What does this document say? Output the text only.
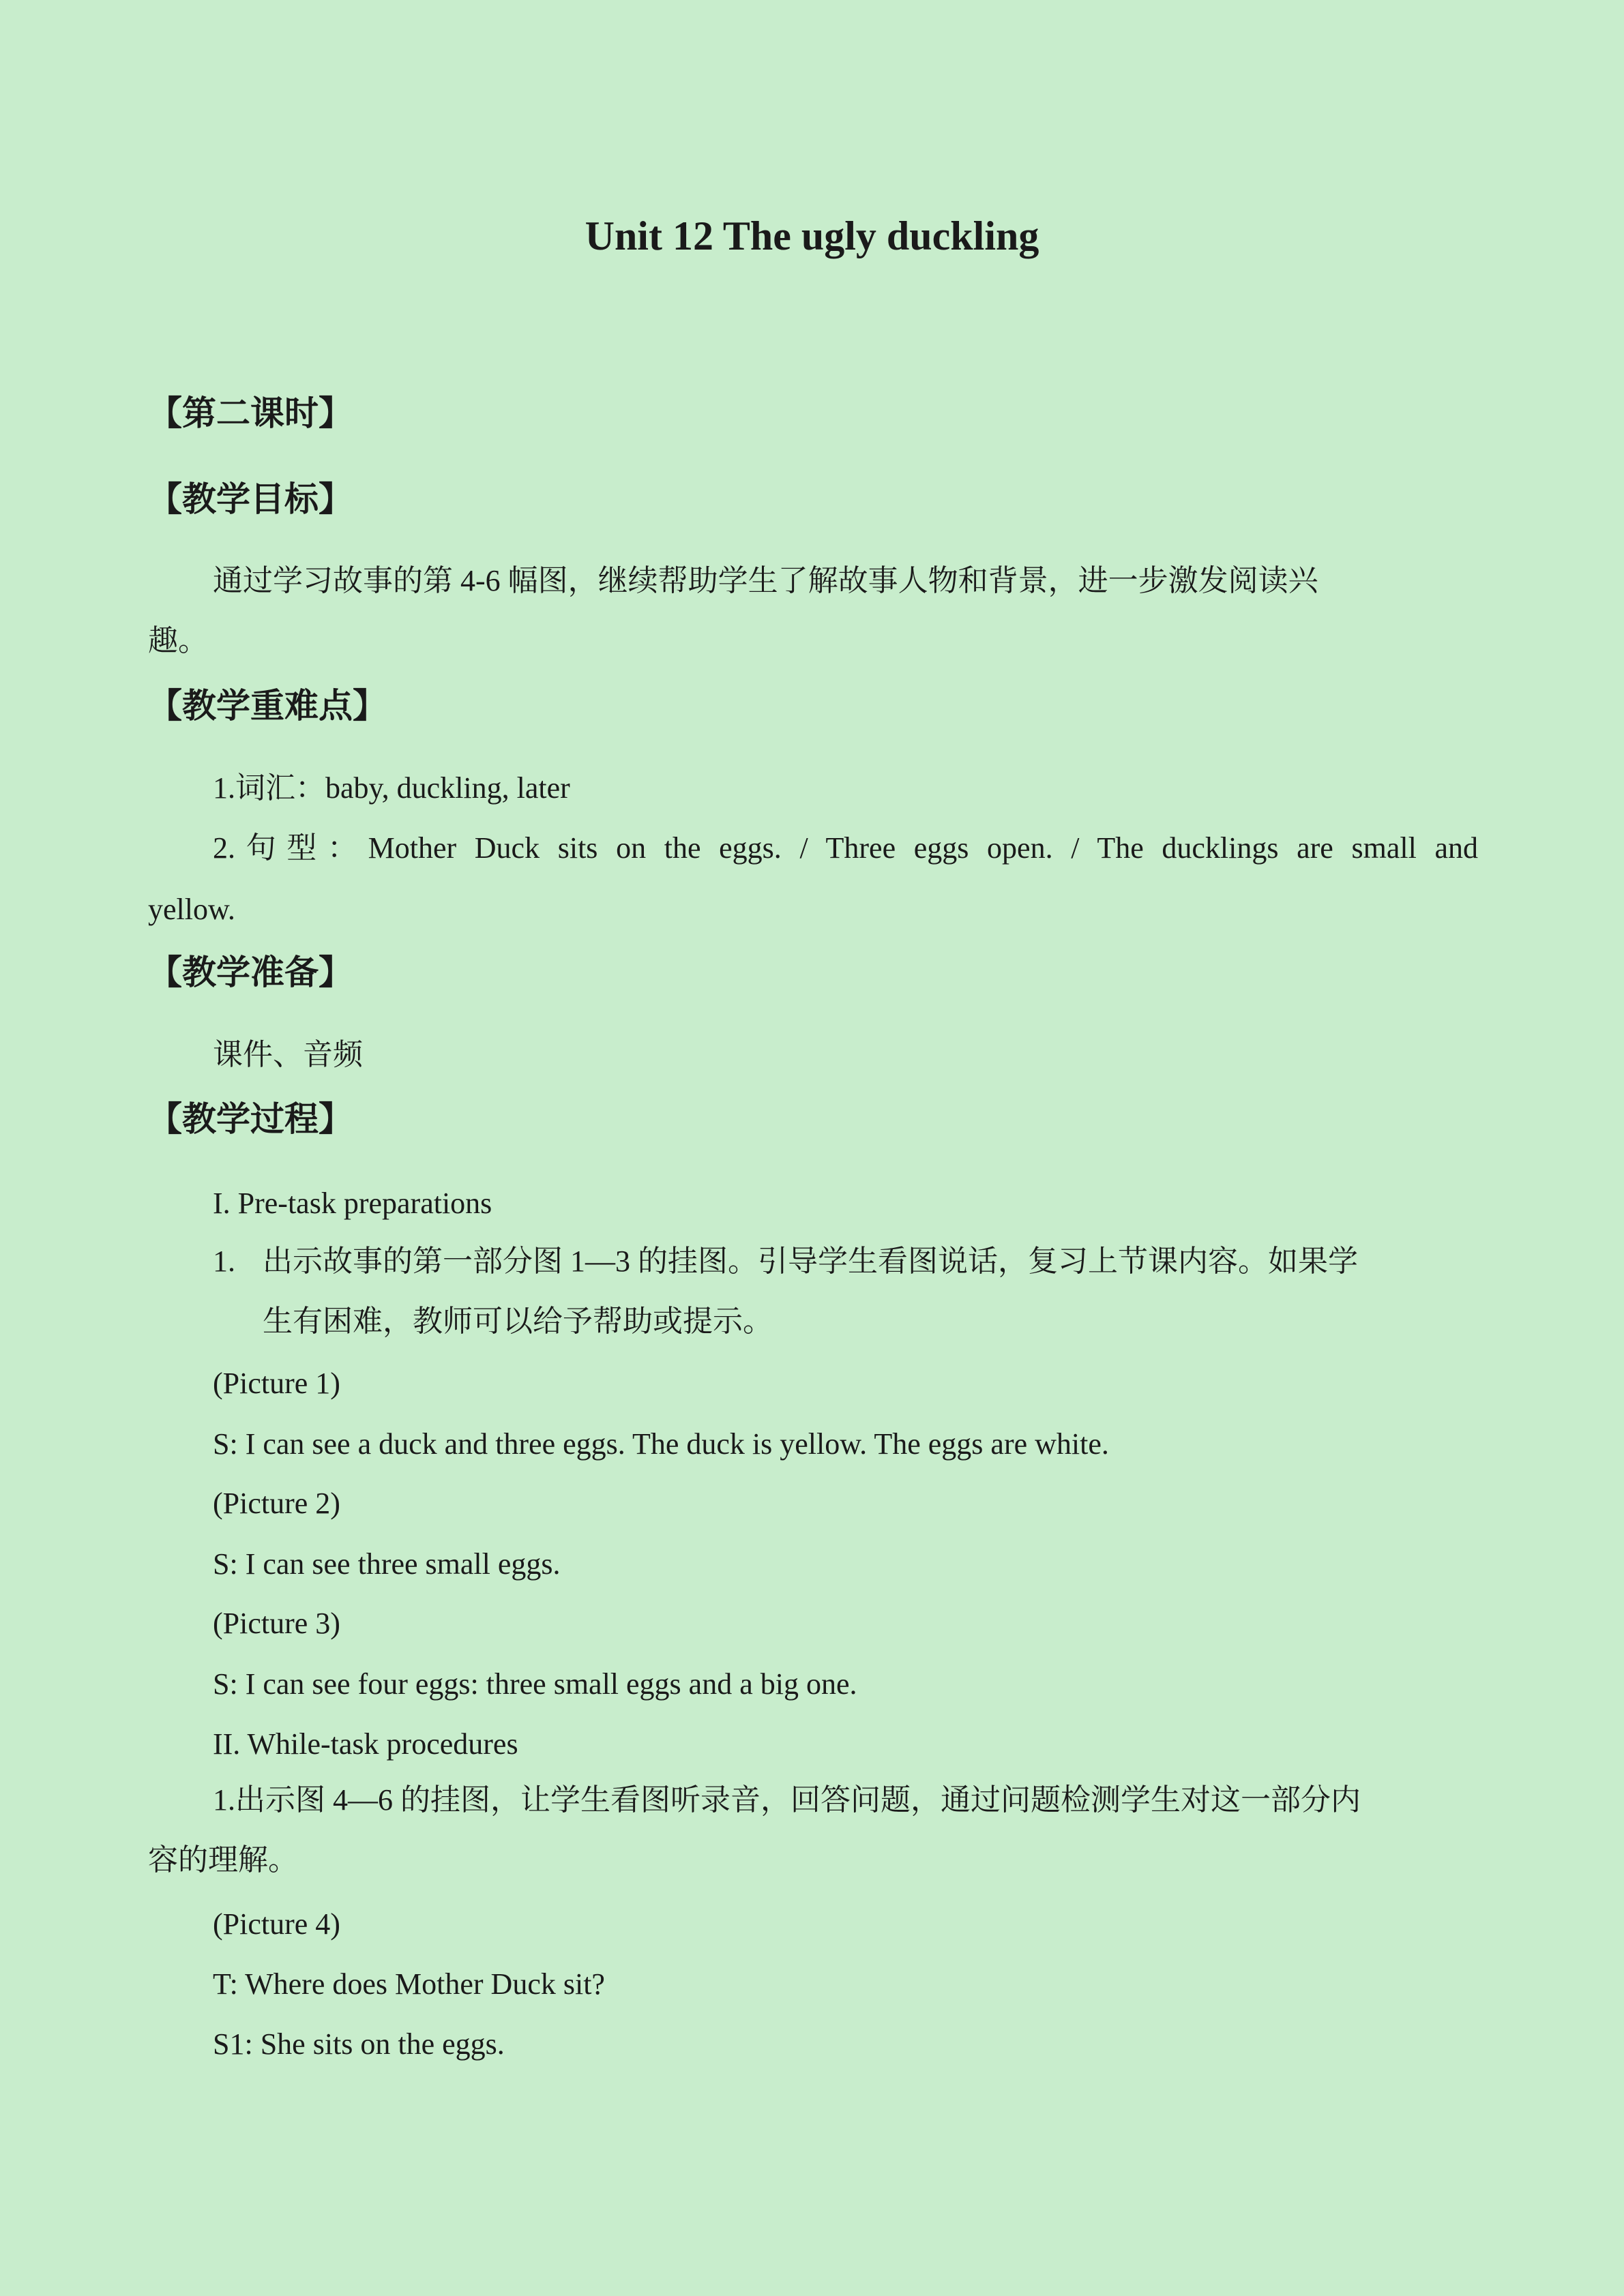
Unit 12 The ugly duckling
【第二课时】
【教学目标】
通过学习故事的第 4-6 幅图，继续帮助学生了解故事人物和背景，进一步激发阅读兴
趣。
【教学重难点】
1.词汇：baby, duckling, later
2.句型：Mother Duck sits on the eggs. / Three eggs open. / The ducklings are small and
yellow.
【教学准备】
课件、音频
【教学过程】
I. Pre-task preparations
1. 出示故事的第一部分图 1—3 的挂图。引导学生看图说话，复习上节课内容。如果学
生有困难，教师可以给予帮助或提示。
(Picture 1)
S: I can see a duck and three eggs. The duck is yellow. The eggs are white.
(Picture 2)
S: I can see three small eggs.
(Picture 3)
S: I can see four eggs: three small eggs and a big one.
II. While-task procedures
1.出示图 4—6 的挂图，让学生看图听录音，回答问题，通过问题检测学生对这一部分内
容的理解。
(Picture 4)
T: Where does Mother Duck sit?
S1: She sits on the eggs.
